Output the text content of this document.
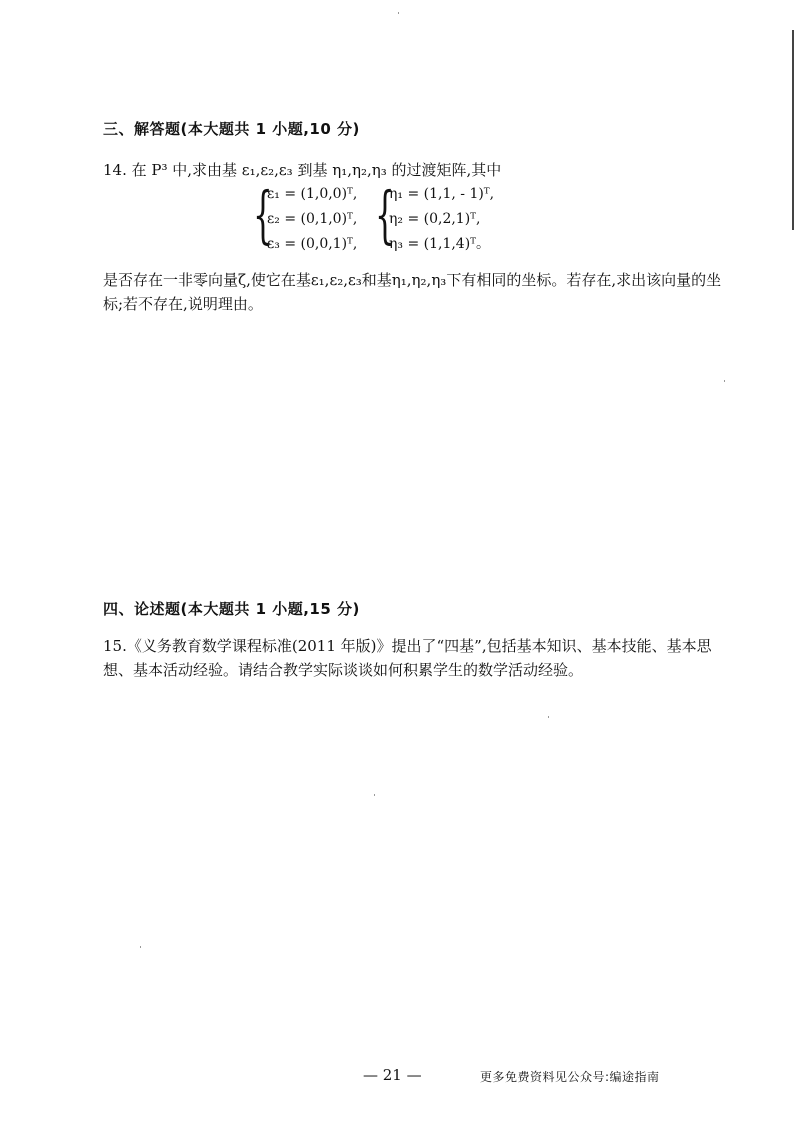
三、解答题(本大题共 1 小题,10 分)
14. 在 P³ 中,求由基 ε₁,ε₂,ε₃ 到基 η₁,η₂,η₃ 的过渡矩阵,其中
{
ε₁ = (1,0,0)ᵀ,
ε₂ = (0,1,0)ᵀ,
ε₃ = (0,0,1)ᵀ, {
η₁ = (1,1, - 1)ᵀ,
η₂ = (0,2,1)ᵀ,
η₃ = (1,1,4)ᵀ。
是否存在一非零向量ζ,使它在基ε₁,ε₂,ε₃和基η₁,η₂,η₃下有相同的坐标。若存在,求出该向量的坐标;若不存在,说明理由。
四、论述题(本大题共 1 小题,15 分)
15.《义务教育数学课程标准(2011 年版)》提出了“四基”,包括基本知识、基本技能、基本思想、基本活动经验。请结合教学实际谈谈如何积累学生的数学活动经验。
— 21 —	更多免费资料见公众号:编途指南
